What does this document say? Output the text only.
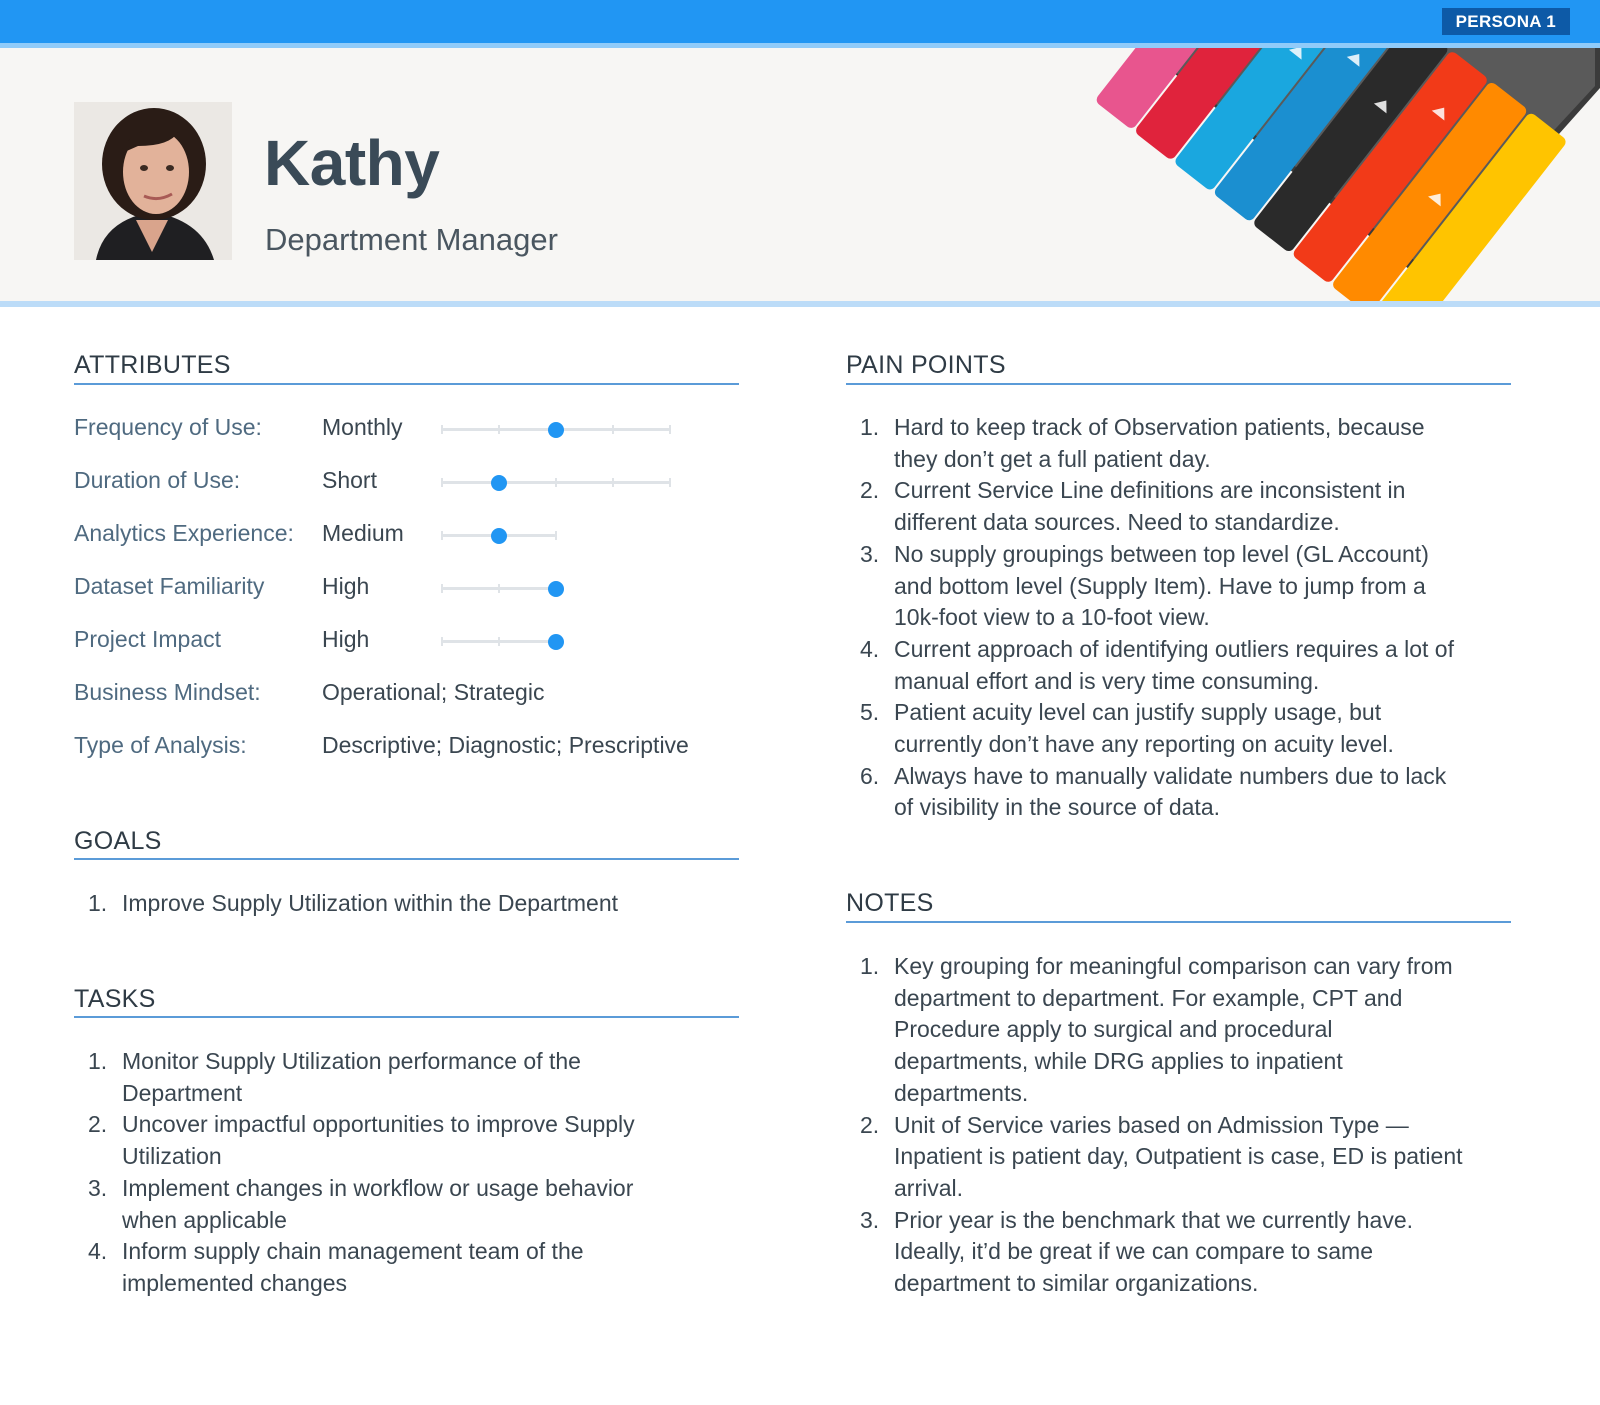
PERSONA 1
Kathy
Department Manager
ATTRIBUTES
Frequency of Use:	Monthly
Duration of Use:	Short
Analytics Experience: Medium
Dataset Familiarity	High
Project Impact	High
Business Mindset:	Operational; Strategic
Type of Analysis:	Descriptive; Diagnostic; Prescriptive
GOALS
1. Improve Supply Utilization within the Department
TASKS
1. Monitor Supply Utilization performance of the
Department
2. Uncover impactful opportunities to improve Supply
Utilization
3. Implement changes in workflow or usage behavior
when applicable
4. Inform supply chain management team of the
implemented changes
PAIN POINTS
1. Hard to keep track of Observation patients, because
they don’t get a full patient day.
2. Current Service Line definitions are inconsistent in
different data sources. Need to standardize.
3. No supply groupings between top level (GL Account)
and bottom level (Supply Item). Have to jump from a
10k-foot view to a 10-foot view.
4. Current approach of identifying outliers requires a lot of
manual effort and is very time consuming.
5. Patient acuity level can justify supply usage, but
currently don’t have any reporting on acuity level.
6. Always have to manually validate numbers due to lack
of visibility in the source of data.
NOTES
1. Key grouping for meaningful comparison can vary from
department to department. For example, CPT and
Procedure apply to surgical and procedural
departments, while DRG applies to inpatient
departments.
2. Unit of Service varies based on Admission Type —
Inpatient is patient day, Outpatient is case, ED is patient
arrival.
3. Prior year is the benchmark that we currently have.
Ideally, it’d be great if we can compare to same
department to similar organizations.
